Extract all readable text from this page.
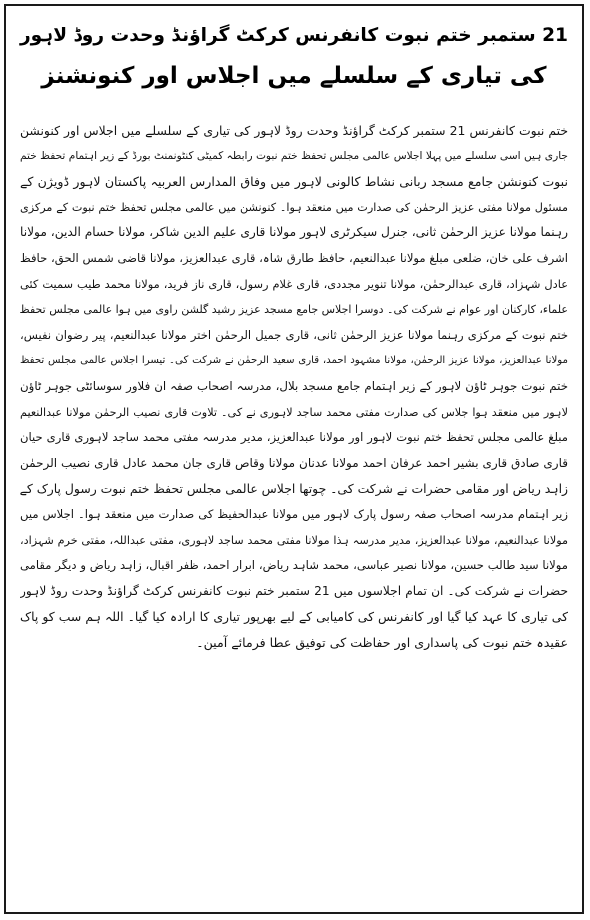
21 ستمبر ختم نبوت کانفرنس کرکٹ گراؤنڈ وحدت روڈ لاہور
کی تیاری کے سلسلے میں اجلاس اور کنونشنز
ختم نبوت کانفرنس 21 ستمبر کرکٹ گراؤنڈ وحدت روڈ لاہور کی تیاری کے سلسلے میں اجلاس اور کنونشن
جاری ہیں اسی سلسلے میں پہلا اجلاس عالمی مجلس تحفظ ختم نبوت رابطہ کمیٹی کنٹونمنٹ بورڈ کے زیر اہتمام تحفظ ختم
نبوت کنونشن جامع مسجد ربانی نشاط کالونی لاہور میں وفاق المدارس العربیہ پاکستان لاہور ڈویژن کے
مسئول مولانا مفتی عزیز الرحمٰن کی صدارت میں منعقد ہوا۔ کنونشن میں عالمی مجلس تحفظ ختم نبوت کے مرکزی
رہنما مولانا عزیز الرحمٰن ثانی، جنرل سیکرٹری لاہور مولانا قاری علیم الدین شاکر، مولانا حسام الدین، مولانا
اشرف علی خان، ضلعی مبلغ مولانا عبدالنعیم، حافظ طارق شاہ، قاری عبدالعزیز، مولانا قاضی شمس الحق، حافظ
عادل شہزاد، قاری عبدالرحمٰن، مولانا تنویر مجددی، قاری غلام رسول، قاری ناز فرید، مولانا محمد طیب سمیت کئی
علماء، کارکنان اور عوام نے شرکت کی۔ دوسرا اجلاس جامع مسجد عزیز رشید گلشن راوی میں ہوا عالمی مجلس تحفظ
ختم نبوت کے مرکزی رہنما مولانا عزیز الرحمٰن ثانی، قاری جمیل الرحمٰن اختر مولانا عبدالنعیم، پیر رضوان نفیس،
مولانا عبدالعزیز، مولانا عزیز الرحمٰن، مولانا مشہود احمد، قاری سعید الرحمٰن نے شرکت کی۔ تیسرا اجلاس عالمی مجلس تحفظ
ختم نبوت جوہر ٹاؤن لاہور کے زیر اہتمام جامع مسجد بلال، مدرسہ اصحاب صفہ ان فلاور سوسائٹی جوہر ٹاؤن
لاہور میں منعقد ہوا جلاس کی صدارت مفتی محمد ساجد لاہوری نے کی۔ تلاوت قاری نصیب الرحمٰن مولانا عبدالنعیم
مبلغ عالمی مجلس تحفظ ختم نبوت لاہور اور مولانا عبدالعزیز، مدیر مدرسہ مفتی محمد ساجد لاہوری قاری حیان
قاری صادق قاری بشیر احمد عرفان احمد مولانا عدنان مولانا وقاص قاری جان محمد عادل قاری نصیب الرحمٰن
زاہد ریاض اور مقامی حضرات نے شرکت کی۔ چوتھا اجلاس عالمی مجلس تحفظ ختم نبوت رسول پارک کے
زیر اہتمام مدرسہ اصحاب صفہ رسول پارک لاہور میں مولانا عبدالحفیظ کی صدارت میں منعقد ہوا۔ اجلاس میں
مولانا عبدالنعیم، مولانا عبدالعزیز، مدیر مدرسہ ہذا مولانا مفتی محمد ساجد لاہوری، مفتی عبداللہ، مفتی خرم شہزاد،
مولانا سید طالب حسین، مولانا نصیر عباسی، محمد شاہد ریاض، ابرار احمد، ظفر اقبال، زاہد ریاض و دیگر مقامی
حضرات نے شرکت کی۔ ان تمام اجلاسوں میں 21 ستمبر ختم نبوت کانفرنس کرکٹ گراؤنڈ وحدت روڈ لاہور
کی تیاری کا عہد کیا گیا اور کانفرنس کی کامیابی کے لیے بھرپور تیاری کا ارادہ کیا گیا۔ اللہ ہم سب کو پاک
عقیدہ ختم نبوت کی پاسداری اور حفاظت کی توفیق عطا فرمائے آمین۔
